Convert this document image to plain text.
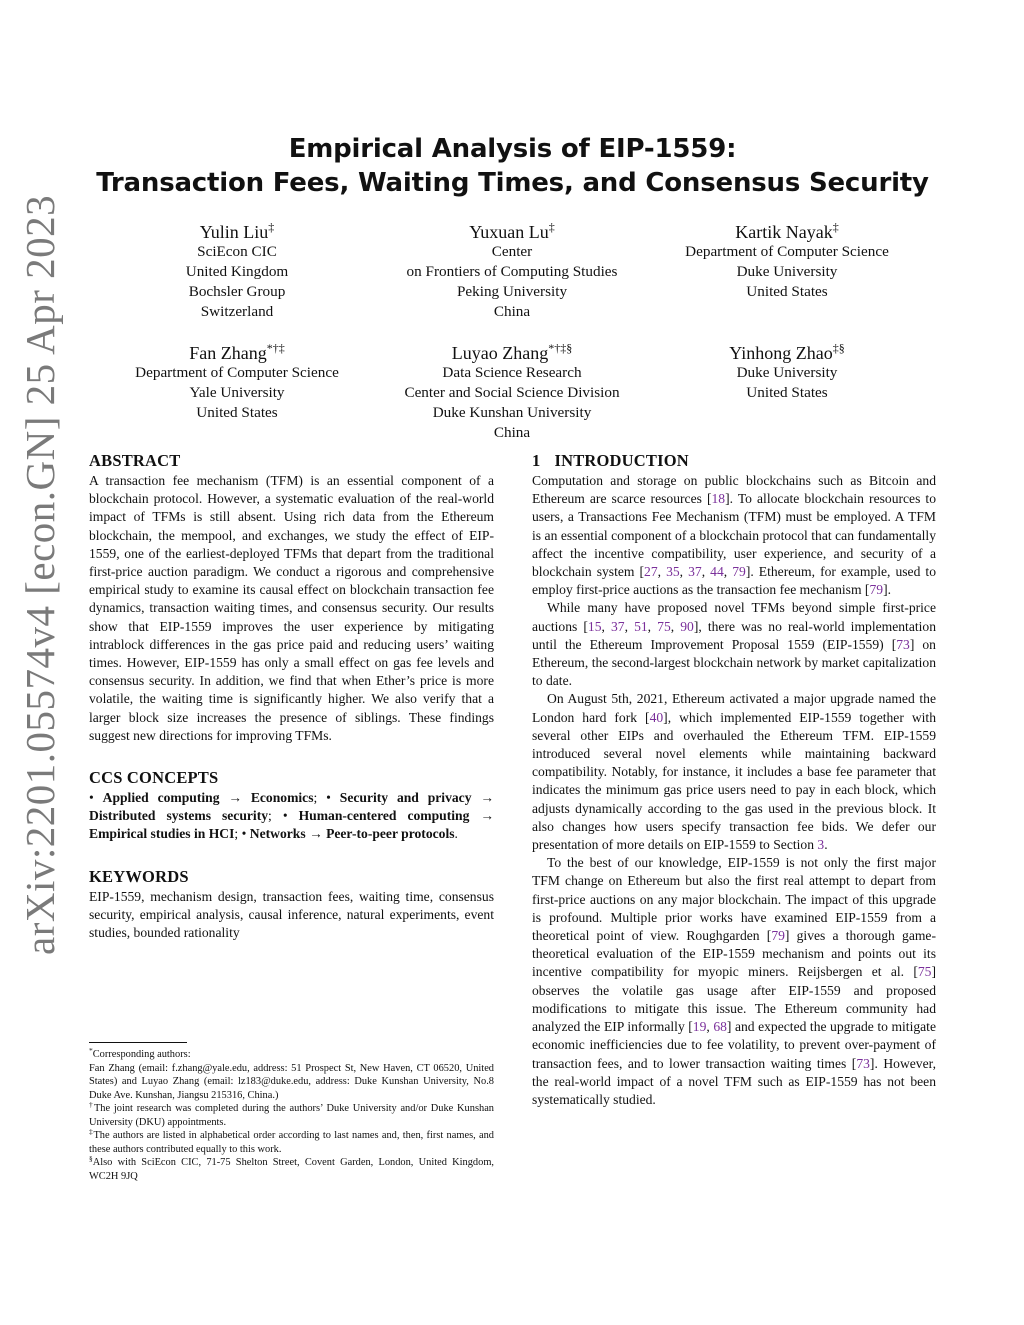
arXiv:2201.05574v4 [econ.GN] 25 Apr 2023
Empirical Analysis of EIP-1559:
Transaction Fees, Waiting Times, and Consensus Security
Yulin Liu‡
SciEcon CIC
United Kingdom
Bochsler Group
Switzerland
Yuxuan Lu‡
Center
on Frontiers of Computing Studies
Peking University
China
Kartik Nayak‡
Department of Computer Science
Duke University
United States
Fan Zhang*†‡
Department of Computer Science
Yale University
United States
Luyao Zhang*†‡§
Data Science Research
Center and Social Science Division
Duke Kunshan University
China
Yinhong Zhao‡§
Duke University
United States
ABSTRACT

A transaction fee mechanism (TFM) is an essential component of a blockchain protocol. However, a systematic evaluation of the real-world impact of TFMs is still absent. Using rich data from the Ethereum blockchain, the mempool, and exchanges, we study the effect of EIP-1559, one of the earliest-deployed TFMs that depart from the traditional first-price auction paradigm. We conduct a rigorous and comprehensive empirical study to examine its causal effect on blockchain transaction fee dynamics, transaction waiting times, and consensus security. Our results show that EIP-1559 improves the user experience by mitigating intrablock differences in the gas price paid and reducing users’ waiting times. However, EIP-1559 has only a small effect on gas fee levels and consensus security. In addition, we find that when Ether’s price is more volatile, the waiting time is significantly higher. We also verify that a larger block size increases the presence of siblings. These findings suggest new directions for improving TFMs.

CCS CONCEPTS

• Applied computing → Economics; • Security and privacy → Distributed systems security; • Human-centered computing → Empirical studies in HCI; • Networks → Peer-to-peer protocols.

KEYWORDS

EIP-1559, mechanism design, transaction fees, waiting time, consensus security, empirical analysis, causal inference, natural experiments, event studies, bounded rationality

*Corresponding authors:

Fan Zhang (email: f.zhang@yale.edu, address: 51 Prospect St, New Haven, CT 06520, United States) and Luyao Zhang (email: lz183@duke.edu, address: Duke Kunshan University, No.8 Duke Ave. Kunshan, Jiangsu 215316, China.)

†The joint research was completed during the authors’ Duke University and/or Duke Kunshan University (DKU) appointments.

‡The authors are listed in alphabetical order according to last names and, then, first names, and these authors contributed equally to this work.

§Also with SciEcon CIC, 71-75 Shelton Street, Covent Garden, London, United Kingdom, WC2H 9JQ

1 INTRODUCTION

Computation and storage on public blockchains such as Bitcoin and Ethereum are scarce resources [18]. To allocate blockchain resources to users, a Transactions Fee Mechanism (TFM) must be employed. A TFM is an essential component of a blockchain protocol that can fundamentally affect the incentive compatibility, user experience, and security of a blockchain system [27, 35, 37, 44, 79]. Ethereum, for example, used to employ first-price auctions as the transaction fee mechanism [79].

While many have proposed novel TFMs beyond simple first-price auctions [15, 37, 51, 75, 90], there was no real-world implementation until the Ethereum Improvement Proposal 1559 (EIP-1559) [73] on Ethereum, the second-largest blockchain network by market capitalization to date.

On August 5th, 2021, Ethereum activated a major upgrade named the London hard fork [40], which implemented EIP-1559 together with several other EIPs and overhauled the Ethereum TFM. EIP-1559 introduced several novel elements while maintaining backward compatibility. Notably, for instance, it includes a base fee parameter that indicates the minimum gas price users need to pay in each block, which adjusts dynamically according to the gas used in the previous block. It also changes how users specify transaction fee bids. We defer our presentation of more details on EIP-1559 to Section 3.

To the best of our knowledge, EIP-1559 is not only the first major TFM change on Ethereum but also the first real attempt to depart from first-price auctions on any major blockchain. The impact of this upgrade is profound. Multiple prior works have examined EIP-1559 from a theoretical point of view. Roughgarden [79] gives a thorough game-theoretical evaluation of the EIP-1559 mechanism and points out its incentive compatibility for myopic miners. Reijsbergen et al. [75] observes the volatile gas usage after EIP-1559 and proposed modifications to mitigate this issue. The Ethereum community had analyzed the EIP informally [19, 68] and expected the upgrade to mitigate economic inefficiencies due to fee volatility, to prevent over-payment of transaction fees, and to lower transaction waiting times [73]. However, the real-world impact of a novel TFM such as EIP-1559 has not been systematically studied.
